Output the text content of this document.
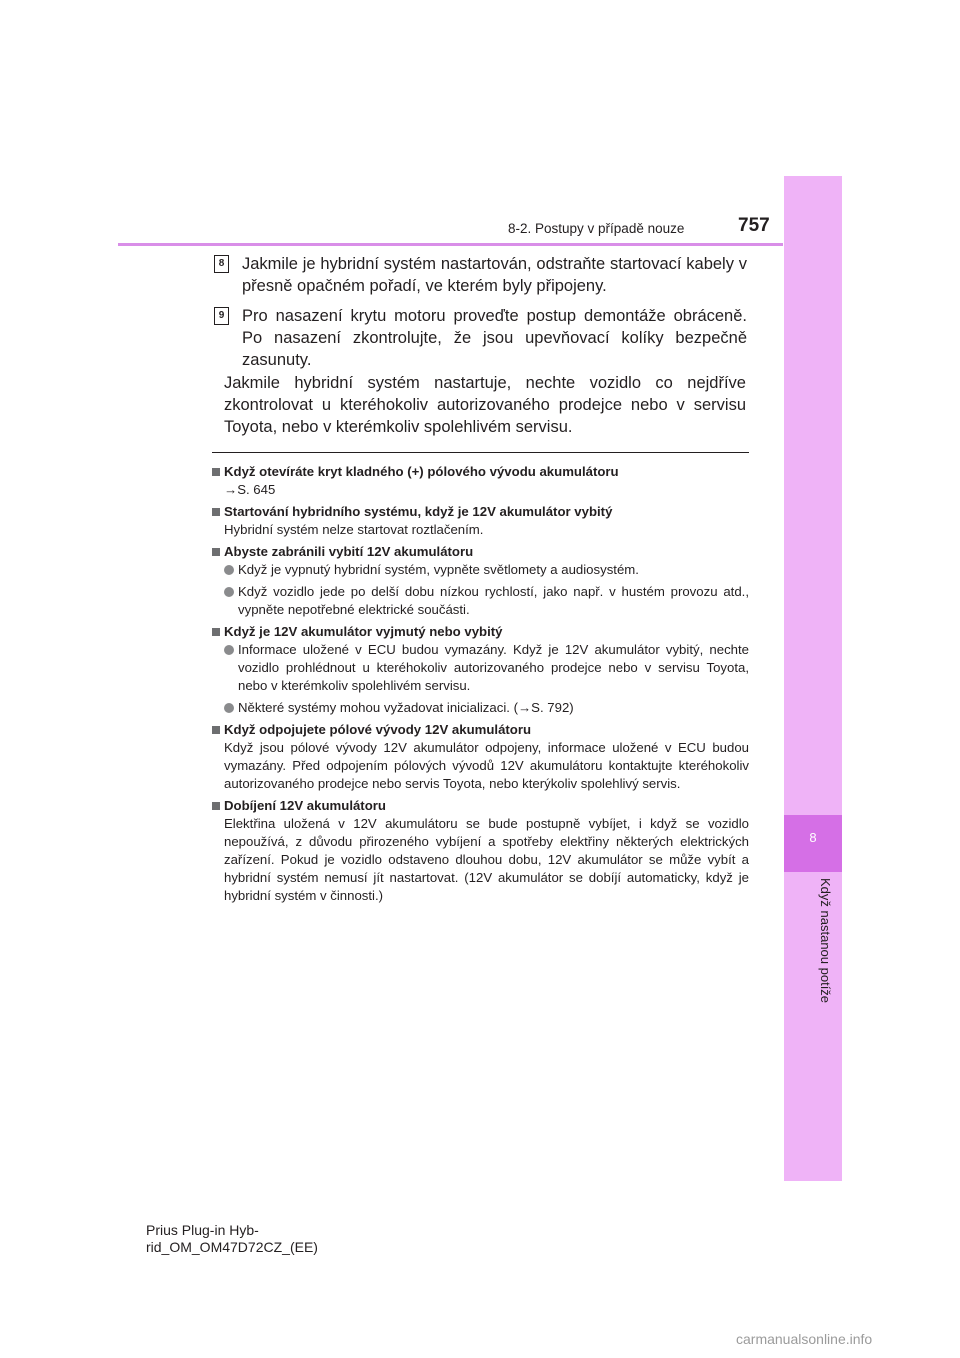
8
Když nastanou potíže
8-2. Postupy v případě nouze	757
8 Jakmile je hybridní systém nastartován, odstraňte startovací kabely v přesně opačném pořadí, ve kterém byly připojeny.
9 Pro nasazení krytu motoru proveďte postup demontáže obráceně. Po nasazení zkontrolujte, že jsou upevňovací kolíky bezpečně zasunuty.
Jakmile hybridní systém nastartuje, nechte vozidlo co nejdříve zkontrolovat u kteréhokoliv autorizovaného prodejce nebo v servisu Toyota, nebo v kterémkoliv spolehlivém servisu.
Když otevíráte kryt kladného (+) pólového vývodu akumulátoru
→S. 645
Startování hybridního systému, když je 12V akumulátor vybitý
Hybridní systém nelze startovat roztlačením.
Abyste zabránili vybití 12V akumulátoru
Když je vypnutý hybridní systém, vypněte světlomety a audiosystém.
Když vozidlo jede po delší dobu nízkou rychlostí, jako např. v hustém provozu atd., vypněte nepotřebné elektrické součásti.
Když je 12V akumulátor vyjmutý nebo vybitý
Informace uložené v ECU budou vymazány. Když je 12V akumulátor vybitý, nechte vozidlo prohlédnout u kteréhokoliv autorizovaného prodejce nebo v servisu Toyota, nebo v kterémkoliv spolehlivém servisu.
Některé systémy mohou vyžadovat inicializaci. (→S. 792)
Když odpojujete pólové vývody 12V akumulátoru
Když jsou pólové vývody 12V akumulátor odpojeny, informace uložené v ECU budou vymazány. Před odpojením pólových vývodů 12V akumulátoru kontaktujte kteréhokoliv autorizovaného prodejce nebo servis Toyota, nebo kterýkoliv spolehlivý servis.
Dobíjení 12V akumulátoru
Elektřina uložená v 12V akumulátoru se bude postupně vybíjet, i když se vozidlo nepoužívá, z důvodu přirozeného vybíjení a spotřeby elektřiny některých elektrických zařízení. Pokud je vozidlo odstaveno dlouhou dobu, 12V akumulátor se může vybít a hybridní systém nemusí jít nastartovat. (12V akumulátor se dobíjí automaticky, když je hybridní systém v činnosti.)
Prius Plug-in Hyb-
rid_OM_OM47D72CZ_(EE)
carmanualsonline.info
